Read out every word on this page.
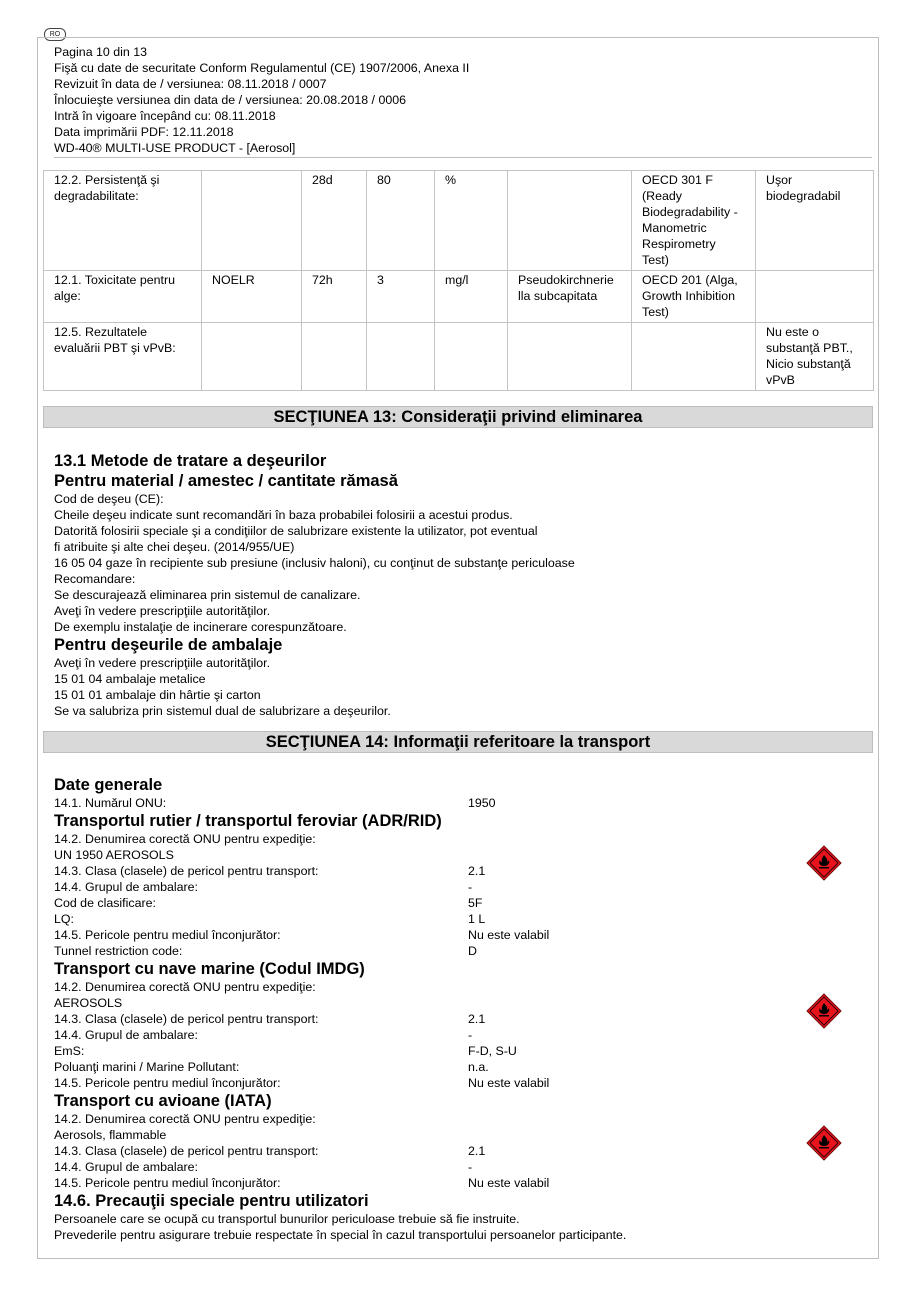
RO
Pagina 10 din 13
Fişă cu date de securitate Conform Regulamentul (CE) 1907/2006, Anexa II
Revizuit în data de / versiunea: 08.11.2018 / 0007
Înlocuieşte versiunea din data de / versiunea: 20.08.2018 / 0006
Intră în vigoare începând cu: 08.11.2018
Data imprimării PDF: 12.11.2018
WD-40® MULTI-USE PRODUCT - [Aerosol]
12.2. Persistenţă şi degradabilitate:		28d	80	%		OECD 301 F (Ready Biodegradability - Manometric Respirometry Test)	Uşor biodegradabil
12.1. Toxicitate pentru alge:	NOELR	72h	3	mg/l	Pseudokirchnerie lla subcapitata	OECD 201 (Alga, Growth Inhibition Test)	
12.5. Rezultatele evaluării PBT şi vPvB:							Nu este o substanţă PBT., Nicio substanţă vPvB
SECŢIUNEA 13: Consideraţii privind eliminarea
13.1 Metode de tratare a deşeurilor
Pentru material / amestec / cantitate rămasă
Cod de deşeu (CE):
Cheile deşeu indicate sunt recomandări în baza probabilei folosirii a acestui produs.
Datorită folosirii speciale şi a condiţiilor de salubrizare existente la utilizator, pot eventual
fi atribuite şi alte chei deşeu. (2014/955/UE)
16 05 04 gaze în recipiente sub presiune (inclusiv haloni), cu conţinut de substanţe periculoase
Recomandare:
Se descurajează eliminarea prin sistemul de canalizare.
Aveţi în vedere prescripţiile autorităţilor.
De exemplu instalaţie de incinerare corespunzătoare.
Pentru deşeurile de ambalaje
Aveţi în vedere prescripţiile autorităţilor.
15 01 04 ambalaje metalice
15 01 01 ambalaje din hârtie şi carton
Se va salubriza prin sistemul dual de salubrizare a deşeurilor.
SECŢIUNEA 14: Informaţii referitoare la transport
Date generale
14.1. Numărul ONU:	1950
Transportul rutier / transportul feroviar (ADR/RID)
14.2. Denumirea corectă ONU pentru expediţie:
UN 1950 AEROSOLS
14.3. Clasa (clasele) de pericol pentru transport:	2.1
14.4. Grupul de ambalare:	-
Cod de clasificare:	5F
LQ:	1 L
14.5. Pericole pentru mediul înconjurător:	Nu este valabil
Tunnel restriction code:	D
Transport cu nave marine (Codul IMDG)
14.2. Denumirea corectă ONU pentru expediţie:
AEROSOLS
14.3. Clasa (clasele) de pericol pentru transport:	2.1
14.4. Grupul de ambalare:	-
EmS:	F-D, S-U
Poluanţi marini / Marine Pollutant:	n.a.
14.5. Pericole pentru mediul înconjurător:	Nu este valabil
Transport cu avioane (IATA)
14.2. Denumirea corectă ONU pentru expediţie:
Aerosols, flammable
14.3. Clasa (clasele) de pericol pentru transport:	2.1
14.4. Grupul de ambalare:	-
14.5. Pericole pentru mediul înconjurător:	Nu este valabil
14.6. Precauţii speciale pentru utilizatori
Persoanele care se ocupă cu transportul bunurilor periculoase trebuie să fie instruite.
Prevederile pentru asigurare trebuie respectate în special în cazul transportului persoanelor participante.
